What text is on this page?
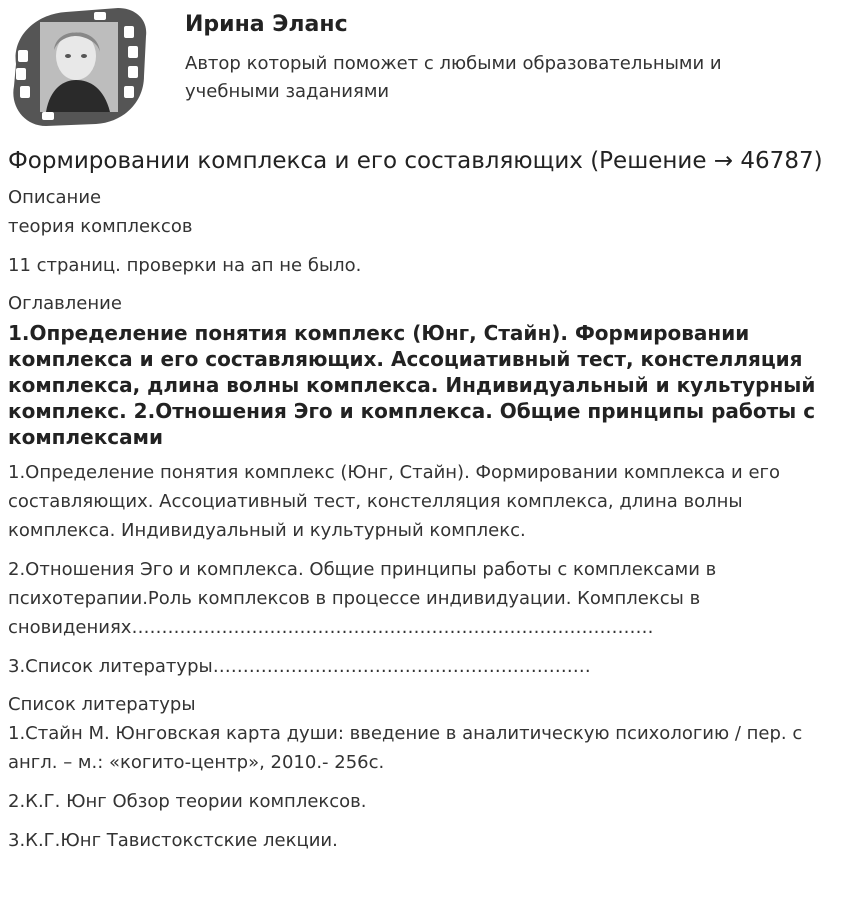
Ирина Эланс
Автор который поможет с любыми образовательными и учебными заданиями
Формировании комплекса и его составляющих (Решение → 46787)
Описание
теория комплексов
11 страниц. проверки на ап не было.
Оглавление
1.Определение понятия комплекс (Юнг, Стайн). Формировании комплекса и его составляющих. Ассоциативный тест, констелляция комплекса, длина волны комплекса. Индивидуальный и культурный комплекс. 2.Отношения Эго и комплекса. Общие принципы работы с комплексами
1.Определение понятия комплекс (Юнг, Стайн). Формировании комплекса и его составляющих. Ассоциативный тест, констелляция комплекса, длина волны комплекса. Индивидуальный и культурный комплекс.
2.Отношения Эго и комплекса. Общие принципы работы с комплексами в психотерапии.Роль комплексов в процессе индивидуации. Комплексы в сновидениях……………………………………………………………………………
3.Список литературы………………………………………………………
Список литературы
1.Стайн М. Юнговская карта души: введение в аналитическую психологию / пер. с англ. – м.: «когито-центр», 2010.- 256с.
2.К.Г. Юнг Обзор теории комплексов.
3.К.Г.Юнг Тавистокстские лекции.
